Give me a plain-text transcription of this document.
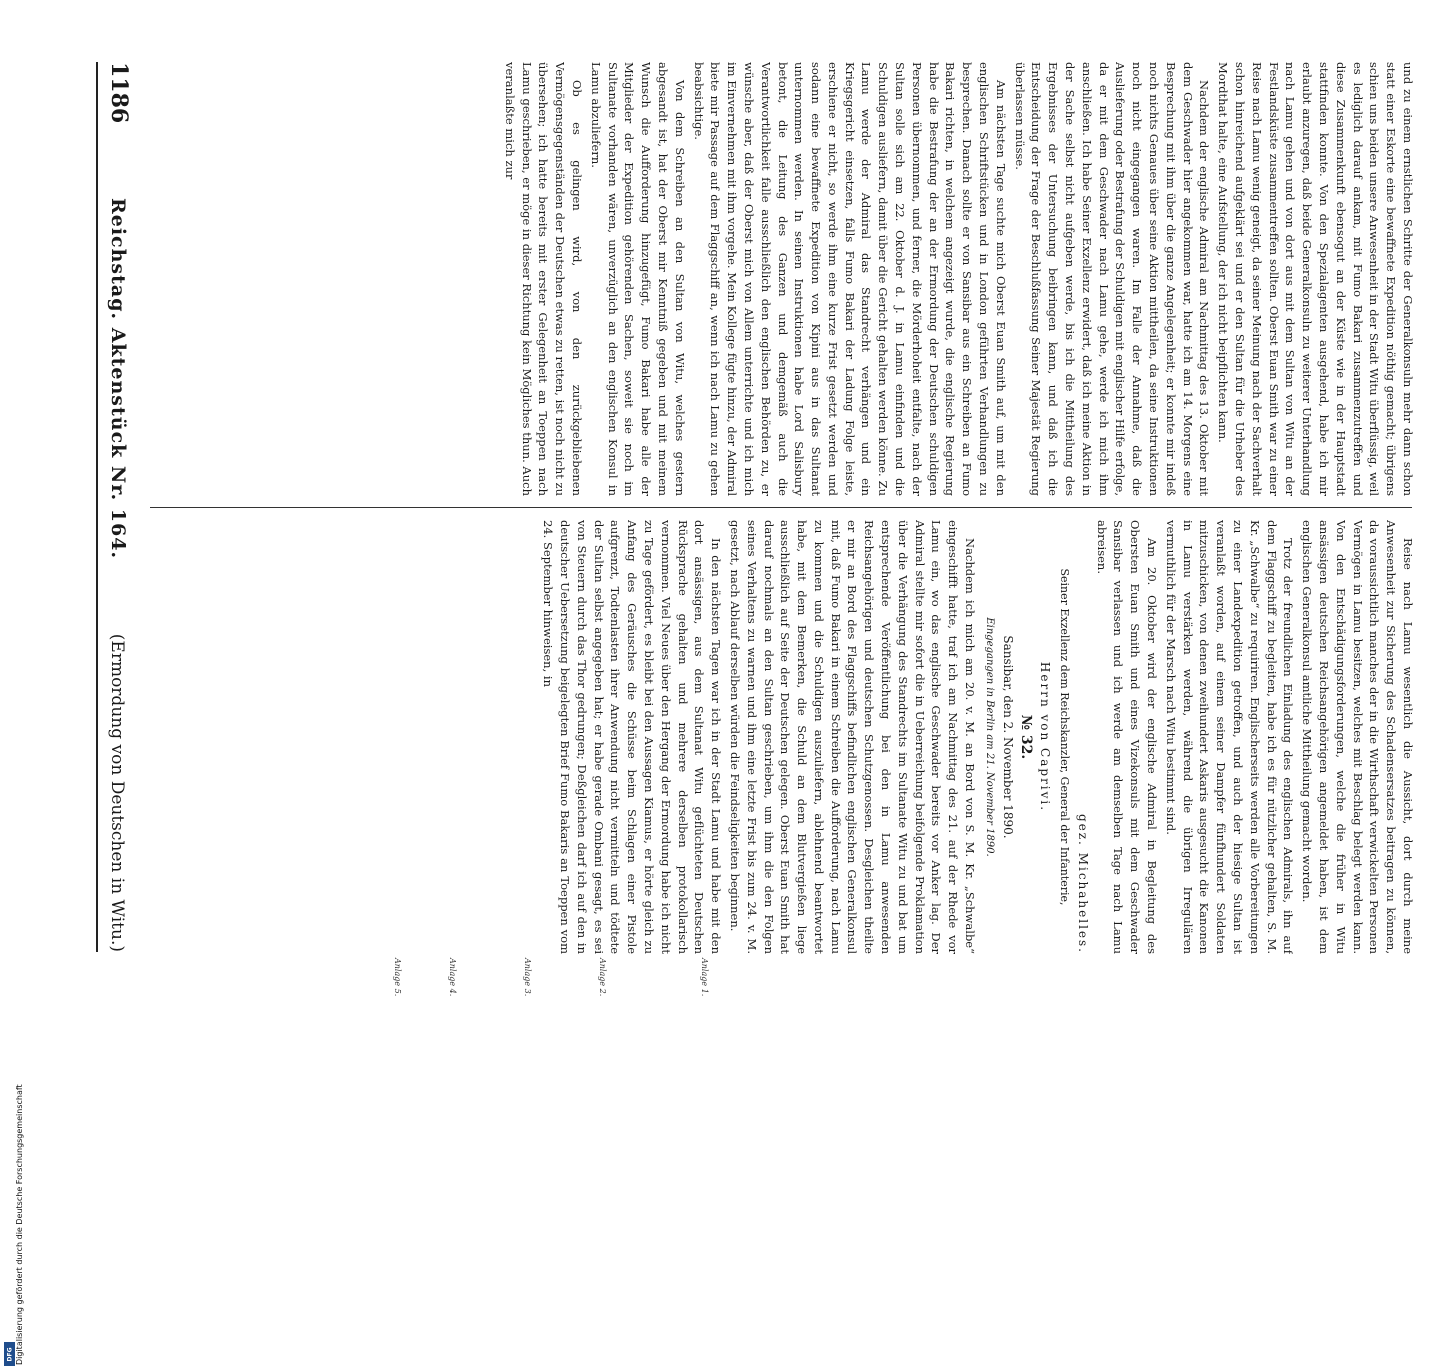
1186
Reichstag. Aktenstück Nr. 164.
(Ermordung von Deutschen in Witu.)

und zu einem ernstlichen Schritte der Generalkonsuln mehr dann schon statt einer Eskorte eine bewaffnete Expedition nöthig gemacht; übrigens schien uns beiden unsere Anwesenheit in der Stadt Witu überflüssig, weil es lediglich darauf ankam, mit Fumo Bakari zusammenzutreffen und diese Zusammenkunft ebensogut an der Küste wie in der Hauptstadt stattfinden konnte. Von den Spezialagenten ausgehend, habe ich mir erlaubt anzuregen, daß beide Generalkonsuln zu weiterer Unterhandlung nach Lamu gehen und von dort aus mit dem Sultan von Witu an der Festlandsküste zusammentreffen sollten. Oberst Euan Smith war zu einer Reise nach Lamu wenig geneigt, da seiner Meinung nach der Sachverhalt schon hinreichend aufgeklärt sei und er den Sultan für die Urheber des Mordthat halte, eine Aufstellung, der ich nicht beipflichten kann.

Nachdem der englische Admiral am Nachmittag des 13. Oktober mit dem Geschwader hier angekommen war, hatte ich am 14. Morgens eine Besprechung mit ihm über die ganze Angelegenheit; er konnte mir indeß noch nichts Genaues über seine Aktion mittheilen, da seine Instruktionen noch nicht eingegangen waren. Im Falle der Annahme, daß die Auslieferung oder Bestrafung der Schuldigen mit englischer Hilfe erfolge, da er mit dem Geschwader nach Lamu gehe, werde ich mich ihm anschließen. Ich habe Seiner Exzellenz erwidert, daß ich meine Aktion in der Sache selbst nicht aufgeben werde, bis ich die Mittheilung des Ergebnisses der Untersuchung beibringen kann, und daß ich die Entscheidung der Frage der Beschlußfassung Seiner Majestät Regierung überlassen müsse.

Am nächsten Tage suchte mich Oberst Euan Smith auf, um mit den englischen Schriftstücken und in London geführten Verhandlungen zu besprechen. Danach sollte er von Sansibar aus ein Schreiben an Fumo Bakari richten, in welchem angezeigt wurde, die englische Regierung habe die Bestrafung der an der Ermordung der Deutschen schuldigen Personen übernommen, und ferner, die Mörderhoheit entfalte, nach der Sultan solle sich am 22. Oktober d. J. in Lamu einfinden und die Schuldigen ausliefern, damit über die Gericht gehalten werden könne. Zu Lamu werde der Admiral das Standrecht verhängen und ein Kriegsgericht einsetzen, falls Fumo Bakari der Ladung Folge leiste, erschiene er nicht, so werde ihm eine kurze Frist gesetzt werden und sodann eine bewaffnete Expedition von Kipini aus in das Sultanat unternommen werden. In seinen Instruktionen habe Lord Salisbury betont, die Leitung des Ganzen und demgemäß auch die Verantwortlichkeit falle ausschließlich den englischen Behörden zu, er wünsche aber, daß der Oberst mich von Allem unterrichte und ich mich im Einvernehmen mit ihm vorgehe. Mein Kollege fügte hinzu, der Admiral biete mir Passage auf dem Flaggschiff an, wenn ich nach Lamu zu gehen beabsichtige.

Von dem Schreiben an den Sultan von Witu, welches gestern abgesandt ist, hat der Oberst mir Kenntniß gegeben und mit meinem Wunsch die Aufforderung hinzugefügt, Fumo Bakari habe alle der Mitglieder der Expedition gehörenden Sachen, soweit sie noch im Sultanate vorhanden wären, unverzüglich an den englischen Konsul in Lamu abzuliefern.

Ob es gelingen wird, von den zurückgebliebenen Vermögensgegenständen der Deutschen etwas zu retten, ist noch nicht zu übersehen; ich hatte bereits mit erster Gelegenheit an Toeppen nach Lamu geschrieben, er möge in dieser Richtung kein Mögliches thun. Auch veranlaßte mich zur

Reise nach Lamu wesentlich die Aussicht, dort durch meine Anwesenheit zur Sicherung des Schadensersatzes beitragen zu können, da voraussichtlich manches der in die Wirthschaft verwickelten Personen Vermögen in Lamu besitzen, welches mit Beschlag belegt werden kann. Von den Entschädigungsforderungen, welche die früher in Witu ansässigen deutschen Reichsangehörigen angemeldet haben, ist dem englischen Generalkonsul amtliche Mittheilung gemacht worden.

Trotz der freundlichen Einladung des englischen Admirals, ihn auf dem Flaggschiff zu begleiten, habe ich es für nützlicher gehalten, S. M. Kr. „Schwalbe“ zu requiriren. Englischerseits werden alle Vorbereitungen zu einer Landexpedition getroffen, und auch der hiesige Sultan ist veranlaßt worden, auf einem seiner Dampfer fünfhundert Soldaten mitzuschicken, von denen zweihundert Askaris ausgesucht die Kanonen in Lamu verstärken werden, während die übrigen Irregulären vermuthlich für der Marsch nach Witu bestimmt sind.

Am 20. Oktober wird der englische Admiral in Begleitung des Obersten Euan Smith und eines Vizekonsuls mit dem Geschwader Sansibar verlassen und ich werde am demselben Tage nach Lamu abreisen.

gez. Michahelles.

Seiner Exzellenz dem Reichskanzler, General der Infanterie,

Herrn von Caprivi.

№ 32.

Sansibar, den 2. November 1890.

Eingegangen in Berlin am 21. November 1890.

Nachdem ich mich am 20. v. M. an Bord von S. M. Kr. „Schwalbe“ eingeschifft hatte, traf ich am Nachmittag des 21. auf der Rhede vor Lamu ein, wo das englische Geschwader bereits vor Anker lag. Der Admiral stellte mir sofort die in Ueberreichung beifolgende Proklamation über die Verhängung des Standrechts im Sultanate Witu zu und bat um entsprechende Veröffentlichung bei den in Lamu anwesenden Reichsangehörigen und deutschen Schutzgenossen. Desgleichen theilte er mir an Bord des Flaggschiffs befindlichen englischen Generalkonsul mit, daß Fumo Bakari in einem Schreiben die Aufforderung, nach Lamu zu kommen und die Schuldigen auszuliefern, ablehnend beantwortet habe, mit dem Bemerken, die Schuld an dem Blutvergießen liege ausschließlich auf Seite der Deutschen gelegen. Oberst Euan Smith hat darauf nochmals an den Sultan geschrieben, um ihm die den Folgen seines Verhaltens zu warnen und ihm eine letzte Frist bis zum 24. v. M. gesetzt, nach Ablauf derselben würden die Feindseligkeiten beginnen.

In den nächsten Tagen war ich in der Stadt Lamu und habe mit den dort ansässigen, aus dem Sultanat Witu geflüchteten Deutschen Rücksprache gehalten und mehrere derselben protokollarisch vernommen. Viel Neues über den Hergang der Ermordung habe ich nicht zu Tage gefördert, es bleibt bei den Aussagen Kiamus, er hörte gleich zu Anfang des Geräusches die Schüsse beim Schlagen einer Pistole aufgrenzt, Todtenlasten ihrer Anwendung nicht vermitteln und tödtete der Sultan selbst angegeben hat; er habe gerade Ombani gesagt, es sei von Steuern durch das Thor gedrungen; Deßgleichen darf ich auf den in deutscher Uebersetzung beigelegten Brief Fumo Bakaris an Toeppen vom 24. September hinweisen, in

Anlage 1.
Anlage 2.
Anlage 3.
Anlage 4.
Anlage 5.
DFG Digitalisierung gefördert durch die Deutsche Forschungsgemeinschaft
